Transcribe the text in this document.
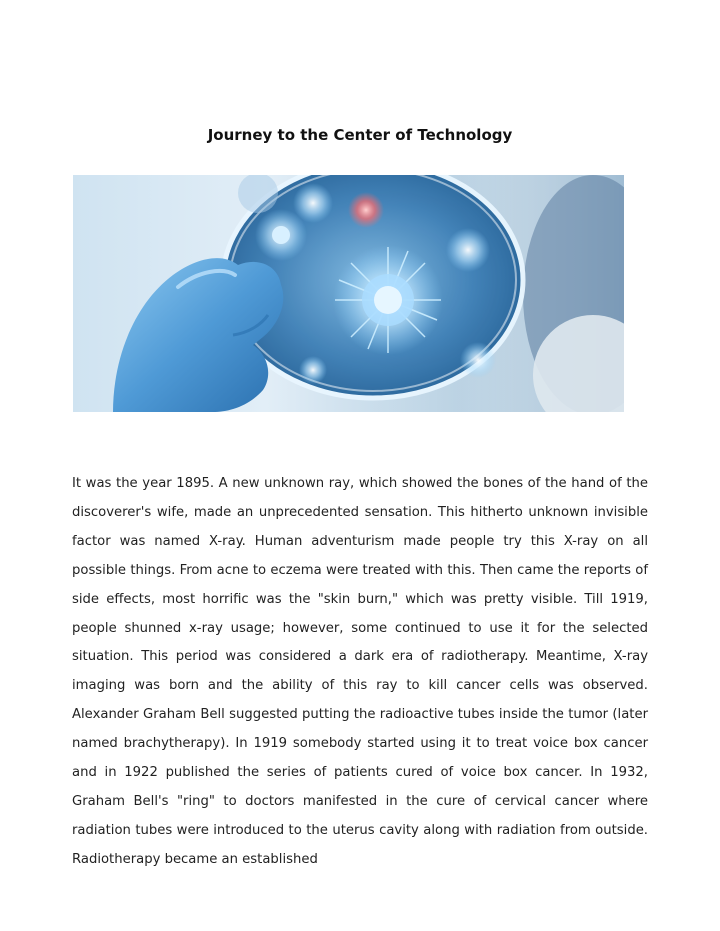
Journey to the Center of Technology

It was the year 1895. A new unknown ray, which showed the bones of the hand of the discoverer's wife, made an unprecedented sensation. This hitherto unknown invisible factor was named X-ray. Human adventurism made people try this X-ray on all possible things. From acne to eczema were treated with this. Then came the reports of side effects, most horrific was the "skin burn," which was pretty visible. Till 1919, people shunned x-ray usage; however, some continued to use it for the selected situation. This period was considered a dark era of radiotherapy. Meantime, X-ray imaging was born and the ability of this ray to kill cancer cells was observed. Alexander Graham Bell suggested putting the radioactive tubes inside the tumor (later named brachytherapy). In 1919 somebody started using it to treat voice box cancer and in 1922 published the series of patients cured of voice box cancer. In 1932, Graham Bell's "ring" to doctors manifested in the cure of cervical cancer where radiation tubes were introduced to the uterus cavity along with radiation from outside. Radiotherapy became an established
